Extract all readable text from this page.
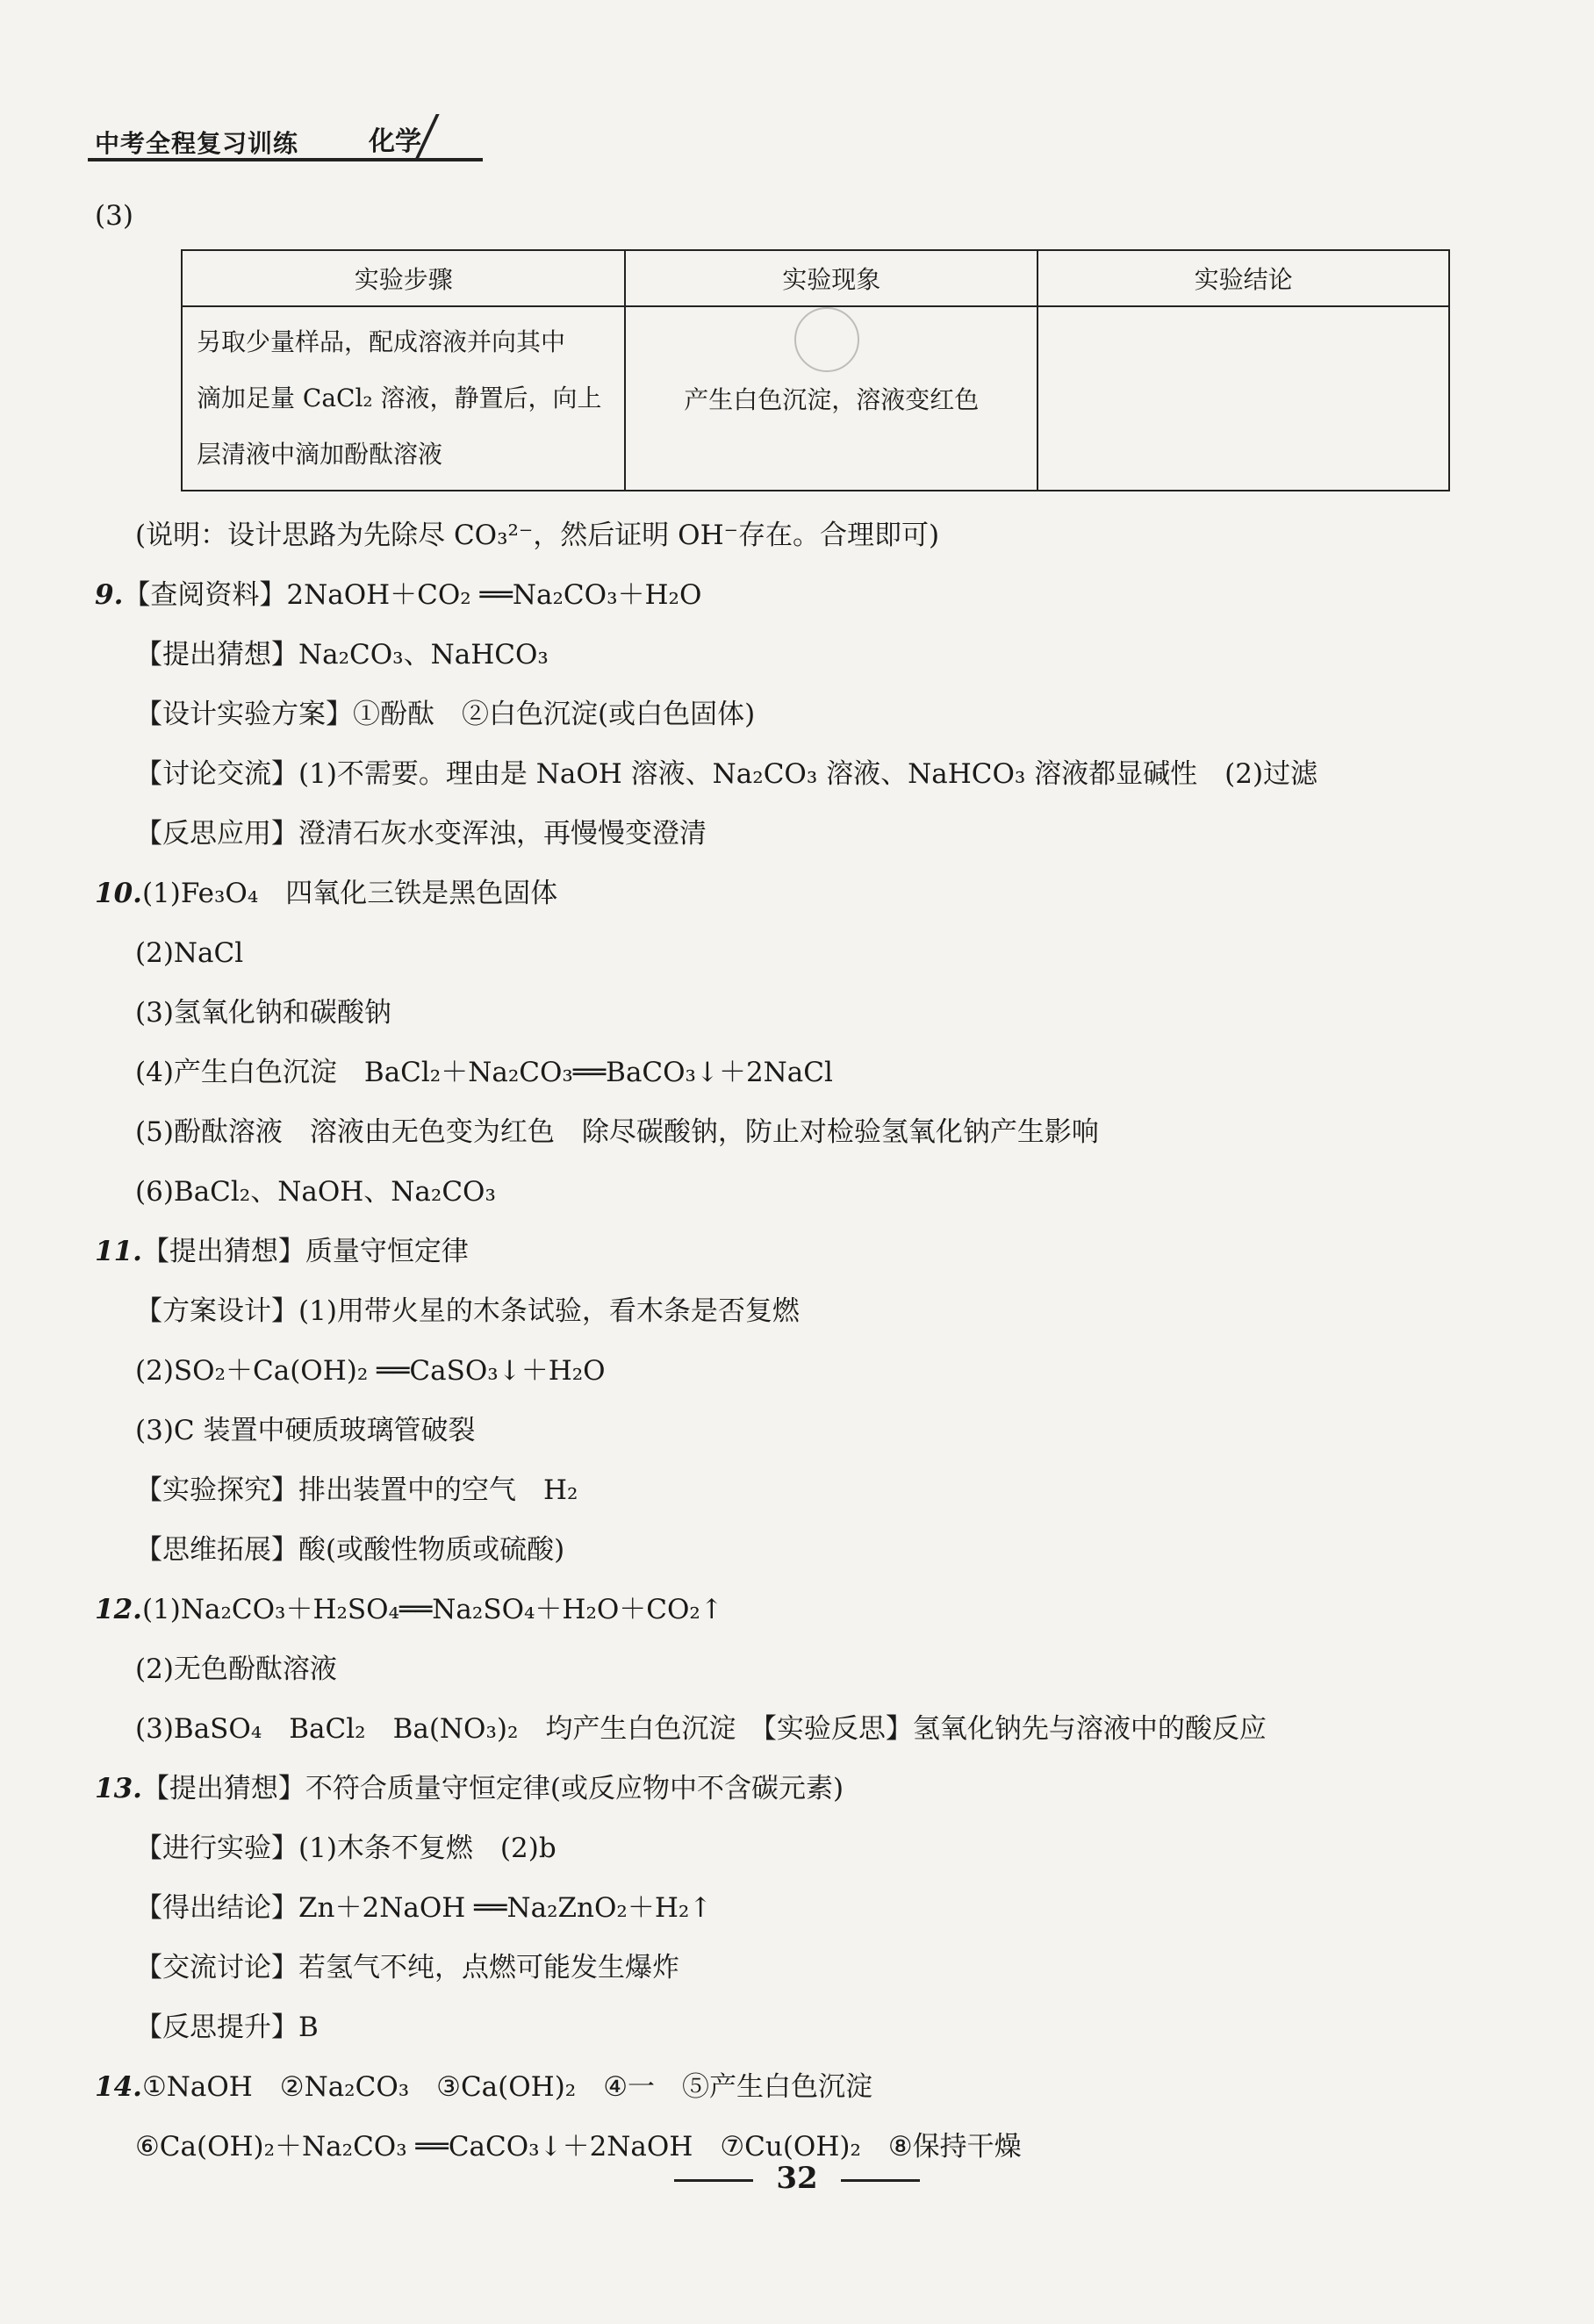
中考全程复习训练	化学
(3)
实验步骤	实验现象	实验结论

另取少量样品，配成溶液并向其中
滴加足量 CaCl₂ 溶液，静置后，向上
层清液中滴加酚酞溶液	产生白色沉淀，溶液变红色	
(说明：设计思路为先除尽 CO₃²⁻，然后证明 OH⁻存在。合理即可)
9.【查阅资料】2NaOH＋CO₂ ══Na₂CO₃＋H₂O
【提出猜想】Na₂CO₃、NaHCO₃
【设计实验方案】①酚酞　②白色沉淀(或白色固体)
【讨论交流】(1)不需要。理由是 NaOH 溶液、Na₂CO₃ 溶液、NaHCO₃ 溶液都显碱性　(2)过滤
【反思应用】澄清石灰水变浑浊，再慢慢变澄清
10.(1)Fe₃O₄　四氧化三铁是黑色固体
(2)NaCl
(3)氢氧化钠和碳酸钠
(4)产生白色沉淀　BaCl₂＋Na₂CO₃══BaCO₃↓＋2NaCl
(5)酚酞溶液　溶液由无色变为红色　除尽碳酸钠，防止对检验氢氧化钠产生影响
(6)BaCl₂、NaOH、Na₂CO₃
11.【提出猜想】质量守恒定律
【方案设计】(1)用带火星的木条试验，看木条是否复燃
(2)SO₂＋Ca(OH)₂ ══CaSO₃↓＋H₂O
(3)C 装置中硬质玻璃管破裂
【实验探究】排出装置中的空气　H₂
【思维拓展】酸(或酸性物质或硫酸)
12.(1)Na₂CO₃＋H₂SO₄══Na₂SO₄＋H₂O＋CO₂↑
(2)无色酚酞溶液
(3)BaSO₄　BaCl₂　Ba(NO₃)₂　均产生白色沉淀　【实验反思】氢氧化钠先与溶液中的酸反应
13.【提出猜想】不符合质量守恒定律(或反应物中不含碳元素)
【进行实验】(1)木条不复燃　(2)b
【得出结论】Zn＋2NaOH ══Na₂ZnO₂＋H₂↑
【交流讨论】若氢气不纯，点燃可能发生爆炸
【反思提升】B
14.①NaOH　②Na₂CO₃　③Ca(OH)₂　④一　⑤产生白色沉淀
⑥Ca(OH)₂＋Na₂CO₃ ══CaCO₃↓＋2NaOH　⑦Cu(OH)₂　⑧保持干燥
32
